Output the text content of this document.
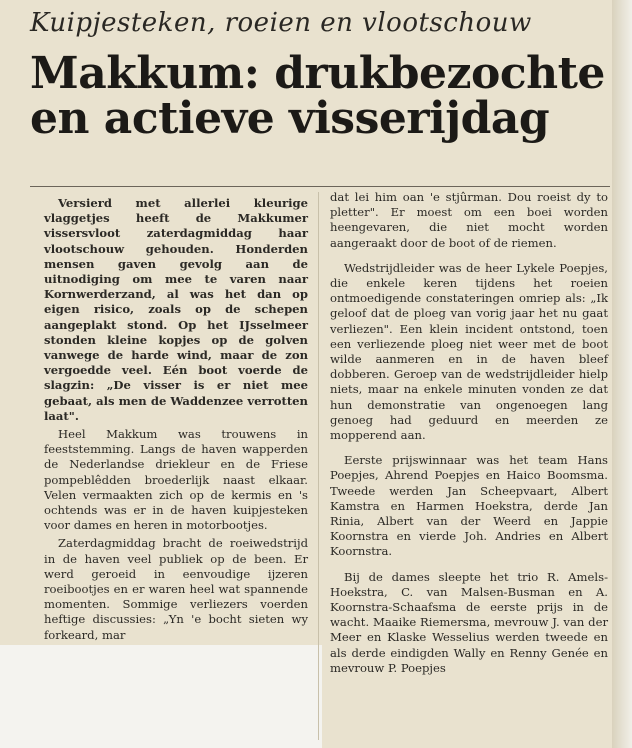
Kuipjesteken, roeien en vlootschouw
Makkum: drukbezochte
en actieve visserijdag

Versierd met allerlei kleurige vlaggetjes heeft de Makkumer vissersvloot zaterdagmiddag haar vlootschouw gehouden. Honderden mensen gaven gevolg aan de uitnodiging om mee te varen naar Kornwerderzand, al was het dan op eigen risico, zoals op de schepen aangeplakt stond. Op het IJsselmeer stonden kleine kopjes op de golven vanwege de harde wind, maar de zon vergoedde veel. Eén boot voerde de slagzin: „De visser is er niet mee gebaat, als men de Waddenzee verrotten laat".

Heel Makkum was trouwens in feeststemming. Langs de haven wapperden de Nederlandse driekleur en de Friese pompeblêdden broederlijk naast elkaar. Velen vermaakten zich op de kermis en 's ochtends was er in de haven kuipjesteken voor dames en heren in motorbootjes.

Zaterdagmiddag bracht de roeiwedstrijd in de haven veel publiek op de been. Er werd geroeid in eenvoudige ijzeren roeibootjes en er waren heel wat spannende momenten. Sommige verliezers voerden heftige discussies: „Yn 'e bocht sieten wy forkeard, mar

dat lei him oan 'e stjûrman. Dou roeist dy to pletter". Er moest om een boei worden heengevaren, die niet mocht worden aangeraakt door de boot of de riemen.

Wedstrijdleider was de heer Lykele Poepjes, die enkele keren tijdens het roeien ontmoedigende constateringen omriep als: „Ik geloof dat de ploeg van vorig jaar het nu gaat verliezen". Een klein incident ontstond, toen een verliezende ploeg niet weer met de boot wilde aanmeren en in de haven bleef dobberen. Geroep van de wedstrijdleider hielp niets, maar na enkele minuten vonden ze dat hun demonstratie van ongenoegen lang genoeg had geduurd en meerden ze mopperend aan.

Eerste prijswinnaar was het team Hans Poepjes, Ahrend Poepjes en Haico Boomsma. Tweede werden Jan Scheepvaart, Albert Kamstra en Harmen Hoekstra, derde Jan Rinia, Albert van der Weerd en Jappie Koornstra en vierde Joh. Andries en Albert Koornstra.

Bij de dames sleepte het trio R. Amels-Hoekstra, C. van Malsen-Busman en A. Koornstra-Schaafsma de eerste prijs in de wacht. Maaike Riemersma, mevrouw J. van der Meer en Klaske Wesselius werden tweede en als derde eindigden Wally en Renny Genée en mevrouw P. Poepjes
